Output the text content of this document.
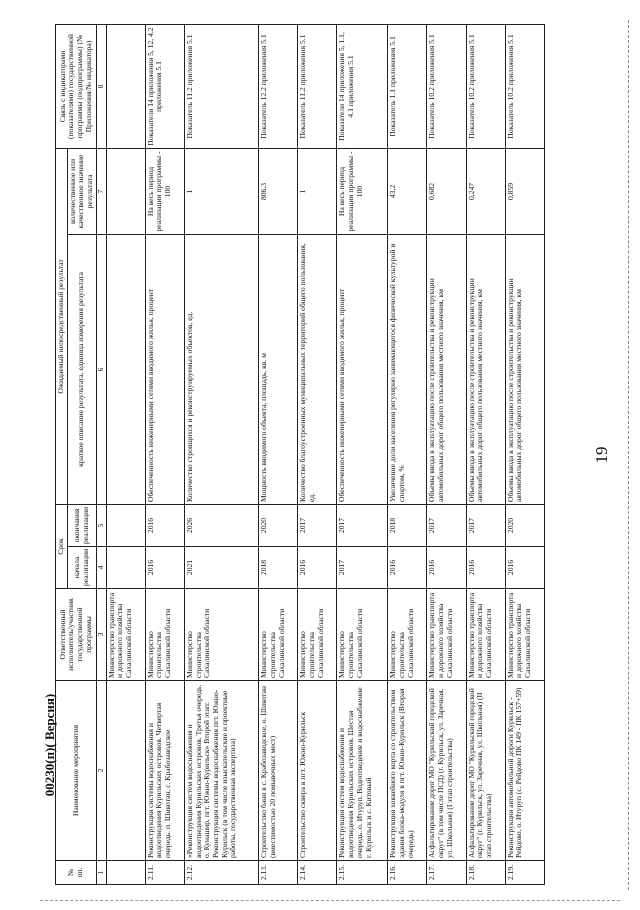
19
№ пп.	Наименование мероприятия	Ответственный исполнитель/участник государственной программы	Срок		Ожидаемый непосредственный результат		Связь с индикаторами (показателями) государственной программы (подпрограммы) (№ Приложения/№ индикатора)
			начала реализации	окончания реализации	краткое описание результата, единица измерения результата	количественное или качественное значение результата	
1	2	3	4	5	6	7	8
		Министерство транспорта и дорожного хозяйства Сахалинской области					
2.11.	Реконструкция системы водоснабжения и водоотведения Курильских островов. Четвертая очередь. п. Шикотан, с. Крабозаводское	Министерство строительства Сахалинской области	2016	2016	Обеспеченность инженерными сетями вводимого жилья, процент	На весь период реализации программы - 100	Показатели 14 приложения 5, 12, 4.2 приложения 5.1
2.12.	«Реконструкция систем водоснабжения и водоотведения Курильских островов. Третья очередь. о. Кунашир, пгт. Южно-Курильск» Второй этап: Реконструкция системы водоснабжения пгт. Южно-Курильск (в том числе изыскательские и проектные работы, государственная экспертиза)	Министерство строительства Сахалинской области	2021	2026	Количество строящихся и реконструируемых объектов, ед.	1	Показатель 11.2 приложения 5.1
2.13.	Строительство бани в с. Крабозаводское, о. Шикотан (вместимостью 20 помывочных мест)	Министерство строительства Сахалинской области	2018	2020	Мощность вводимого объекта, площадь, кв. м	806,3	Показатель 12.2 приложения 5.1
2.14.	Строительство сквера в пгт. Южно-Курильск	Министерство строительства Сахалинской области	2016	2017	Количество благоустроенных муниципальных территорий общего пользования, ед.	1	Показатель 11.2 приложения 5.1
2.15.	Реконструкция систем водоснабжения и водоотведения Курильских островов. Шестая очередь. о. Итуруп. Водоотведение и водоснабжение г. Курильск и с. Китовый	Министерство строительства Сахалинской области	2017	2017	Обеспеченность инженерными сетями вводимого жилья, процент	На весь период реализации программы - 100	Показатели 14 приложения 5, 1.1, 4.1 приложения 5.1
2.16.	Реконструкция хоккейного корта со строительством здания блока-модуля в пгт. Южно-Курильск (Вторая очередь)	Министерство строительства Сахалинской области	2016	2018	Увеличение доли населения регулярно занимающегося физической культурой и спортом, %	43,2	Показатель 1.1 приложения 5.1
2.17.	Асфальтирование дорог МО "Курильский городской округ" (в том числе ПСД) (г. Курильск, ул. Заречная, ул. Школьная) (I этап строительства)	Министерство транспорта и дорожного хозяйства Сахалинской области	2016	2017	Объемы ввода в эксплуатацию после строительства и реконструкции автомобильных дорог общего пользования местного значения, км	0,682	Показатель 10.2 приложения 5.1
2.18.	Асфальтирование дорог МО "Курильский городской округ" (г. Курильск, ул. Заречная, ул. Школьная) (II этап строительства)	Министерство транспорта и дорожного хозяйства Сахалинской области	2016	2017	Объемы ввода в эксплуатацию после строительства и реконструкции автомобильных дорог общего пользования местного значения, км	0,247	Показатель 10.2 приложения 5.1
2.19.	Реконструкция автомобильной дороги Курильск - Рейдово, о. Итуруп (с. Рейдово ПК 149 - ПК 157+59)	Министерство транспорта и дорожного хозяйства Сахалинской области	2016	2020	Объемы ввода в эксплуатацию после строительства и реконструкции автомобильных дорог общего пользования местного значения, км	0,859	Показатель 10.2 приложения 5.1
00230(п)( Версия)
